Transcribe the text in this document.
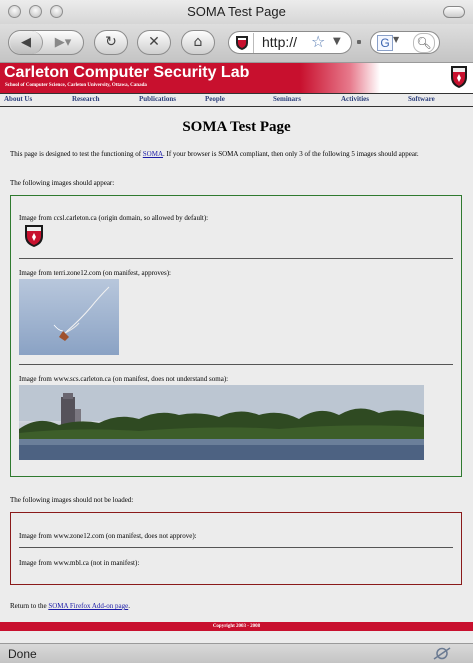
SOMA Test Page
◀	▶▾	↻	✕	⌂	http:// ☆ ▼	G ▼ 🔍︎
Carleton Computer Security Lab
School of Computer Science, Carleton University, Ottawa, Canada
About Us	Research	Publications	People	Seminars	Activities	Software
SOMA Test Page
This page is designed to test the functioning of SOMA. If your browser is SOMA compliant, then only 3 of the following 5 images should appear.
The following images should appear:
Image from ccsl.carleton.ca (origin domain, so allowed by default):
Image from terri.zone12.com (on manifest, approves):
Image from www.scs.carleton.ca (on manifest, does not understand soma):
The following images should not be loaded:
Image from www.zone12.com (on manifest, does not approve):
Image from www.mbl.ca (not in manifest):
Return to the SOMA Firefox Add-on page.
Copyright 2003 - 2008
Done
